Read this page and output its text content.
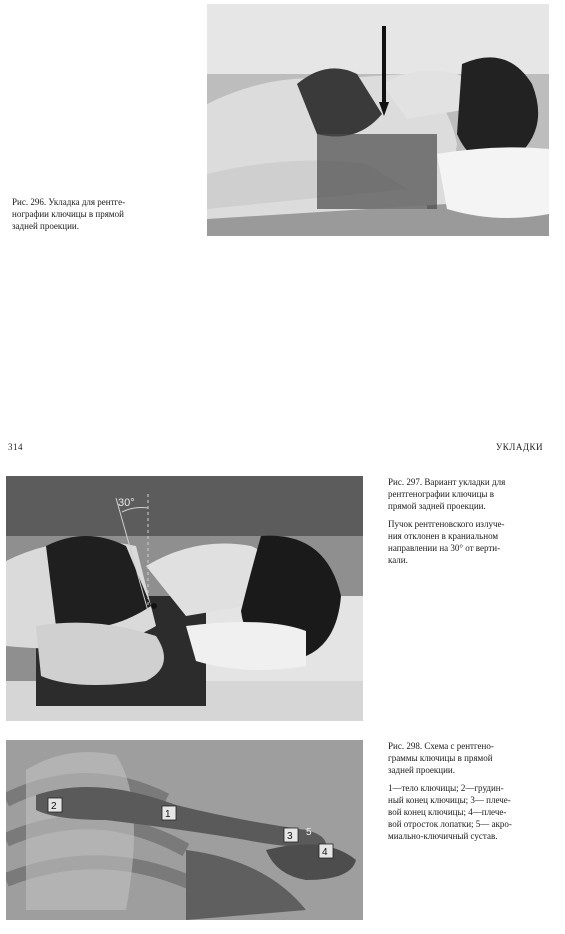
Рис. 296. Укладка для рентге-

нографии ключицы в прямой

задней проекции.

314	УКЛАДКИ
30°

Рис. 297. Вариант укладки для

рентгенографии ключицы в

прямой задней проекции.

Пучок рентгеновского излуче-

ния отклонен в краниальном

направлении на 30° от верти-

кали.

2
1
3 5
4

Рис. 298. Схема с рентгено-

граммы ключицы в прямой

задней проекции.

1—тело ключицы; 2—грудин-

ный конец ключицы; 3— плече-

вой конец ключицы; 4—плече-

вой отросток лопатки; 5— акро-

миально-ключичный сустав.
